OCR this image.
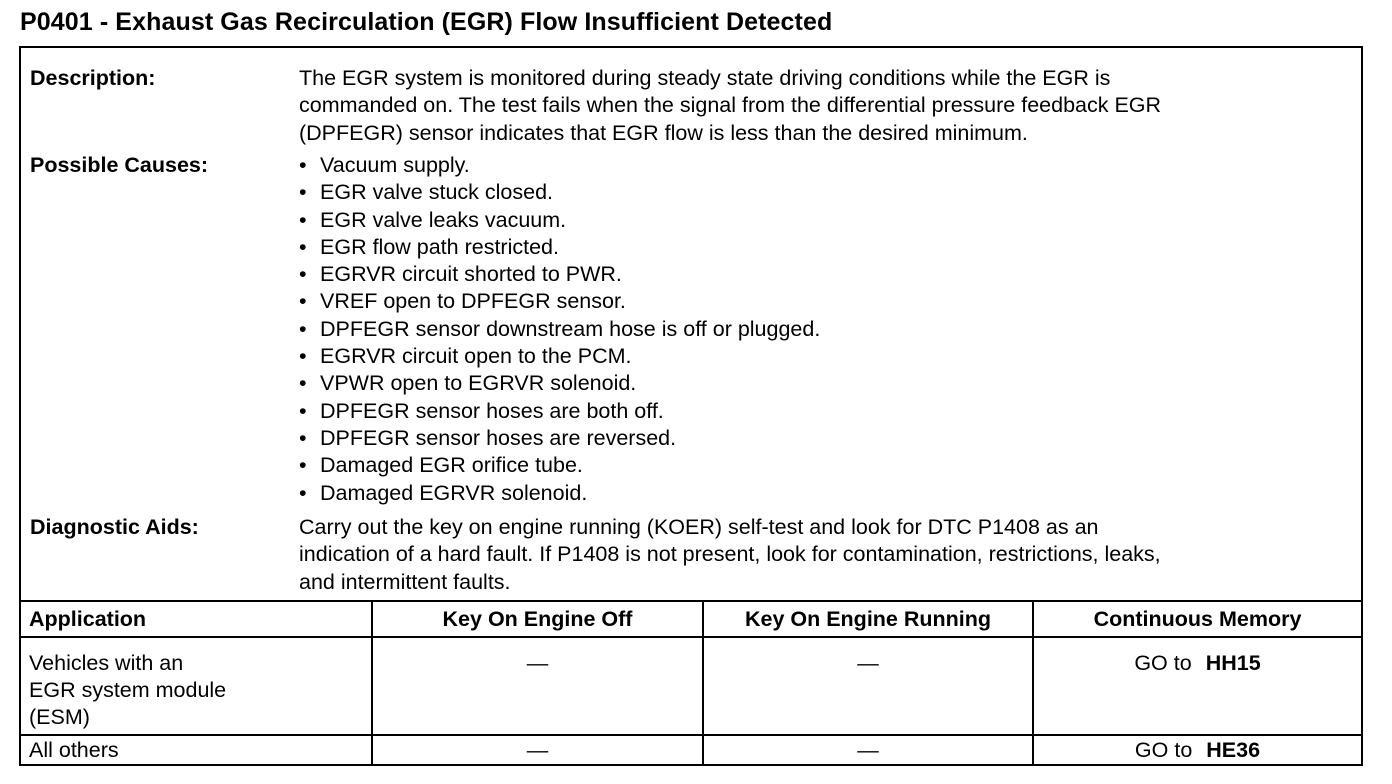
P0401 - Exhaust Gas Recirculation (EGR) Flow Insufficient Detected
Description:	The EGR system is monitored during steady state driving conditions while the EGR is
commanded on. The test fails when the signal from the differential pressure feedback EGR
(DPFEGR) sensor indicates that EGR flow is less than the desired minimum.
Possible Causes:	• Vacuum supply.
• EGR valve stuck closed.
• EGR valve leaks vacuum.
• EGR flow path restricted.
• EGRVR circuit shorted to PWR.
• VREF open to DPFEGR sensor.
• DPFEGR sensor downstream hose is off or plugged.
• EGRVR circuit open to the PCM.
• VPWR open to EGRVR solenoid.
• DPFEGR sensor hoses are both off.
• DPFEGR sensor hoses are reversed.
• Damaged EGR orifice tube.
• Damaged EGRVR solenoid.
Diagnostic Aids:	Carry out the key on engine running (KOER) self-test and look for DTC P1408 as an
indication of a hard fault. If P1408 is not present, look for contamination, restrictions, leaks,
and intermittent faults.
Application	Key On Engine Off	Key On Engine Running	Continuous Memory

Vehicles with an
EGR system module
(ESM)	—	—	GO to HH15

All others	—	—	GO to HE36
